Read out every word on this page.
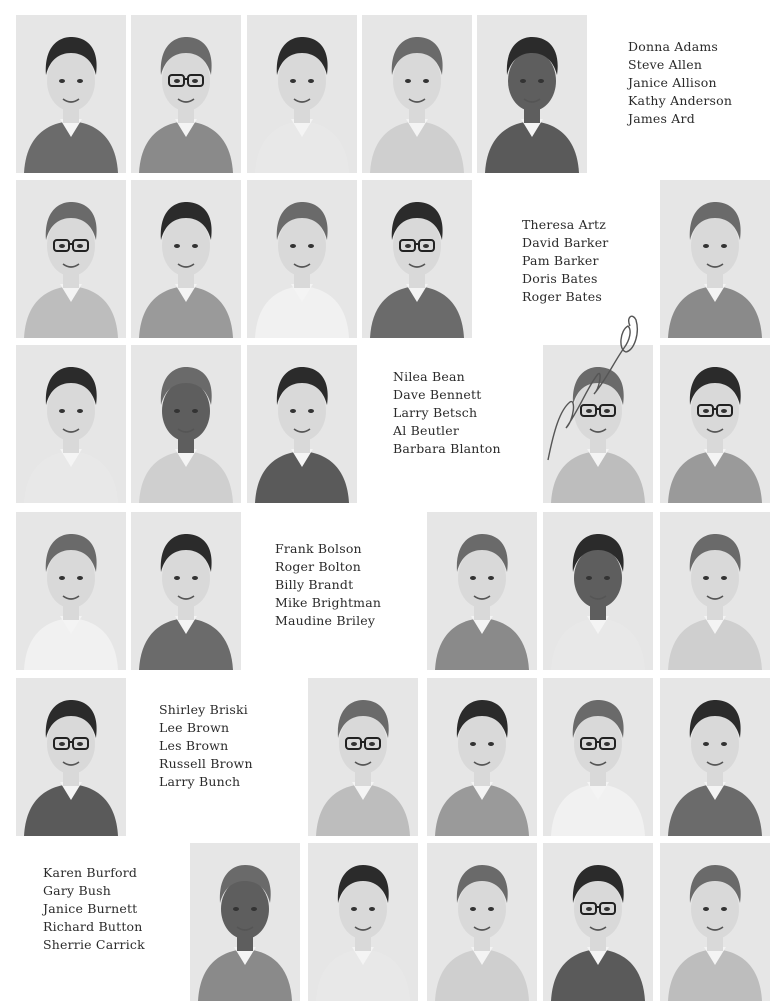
Donna Adams
Steve Allen
Janice Allison
Kathy Anderson
James Ard
Theresa Artz
David Barker
Pam Barker
Doris Bates
Roger Bates
Nilea Bean
Dave Bennett
Larry Betsch
Al Beutler
Barbara Blanton
Frank Bolson
Roger Bolton
Billy Brandt
Mike Brightman
Maudine Briley
Shirley Briski
Lee Brown
Les Brown
Russell Brown
Larry Bunch
Karen Burford
Gary Bush
Janice Burnett
Richard Button
Sherrie Carrick
